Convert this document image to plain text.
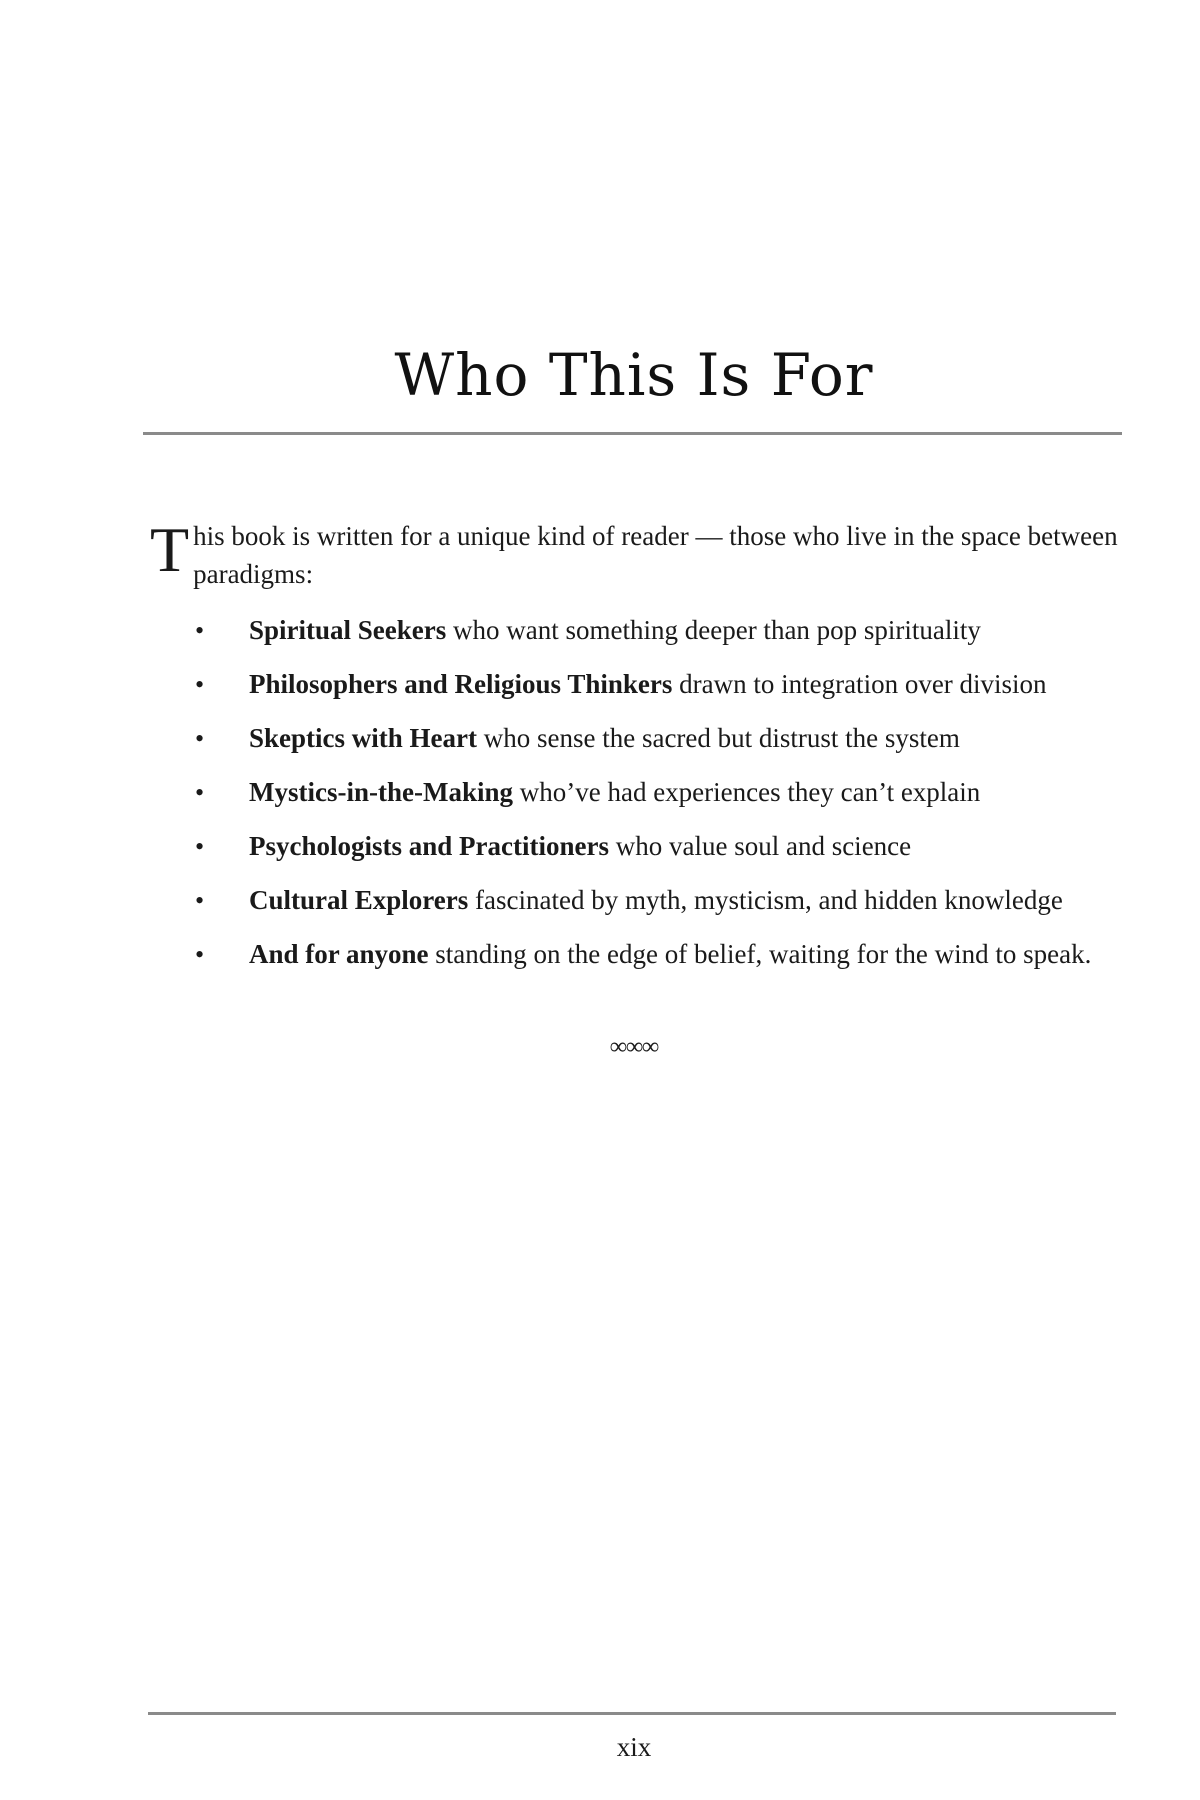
Who This Is For

This book is written for a unique kind of reader — those who live in the space between paradigms:

• Spiritual Seekers who want something deeper than pop spirituality
• Philosophers and Religious Thinkers drawn to integration over division
• Skeptics with Heart who sense the sacred but distrust the system
• Mystics-in-the-Making who’ve had experiences they can’t explain
• Psychologists and Practitioners who value soul and science
• Cultural Explorers fascinated by myth, mysticism, and hidden knowledge
• And for anyone standing on the edge of belief, waiting for the wind to speak.
∞∞∞
xix
